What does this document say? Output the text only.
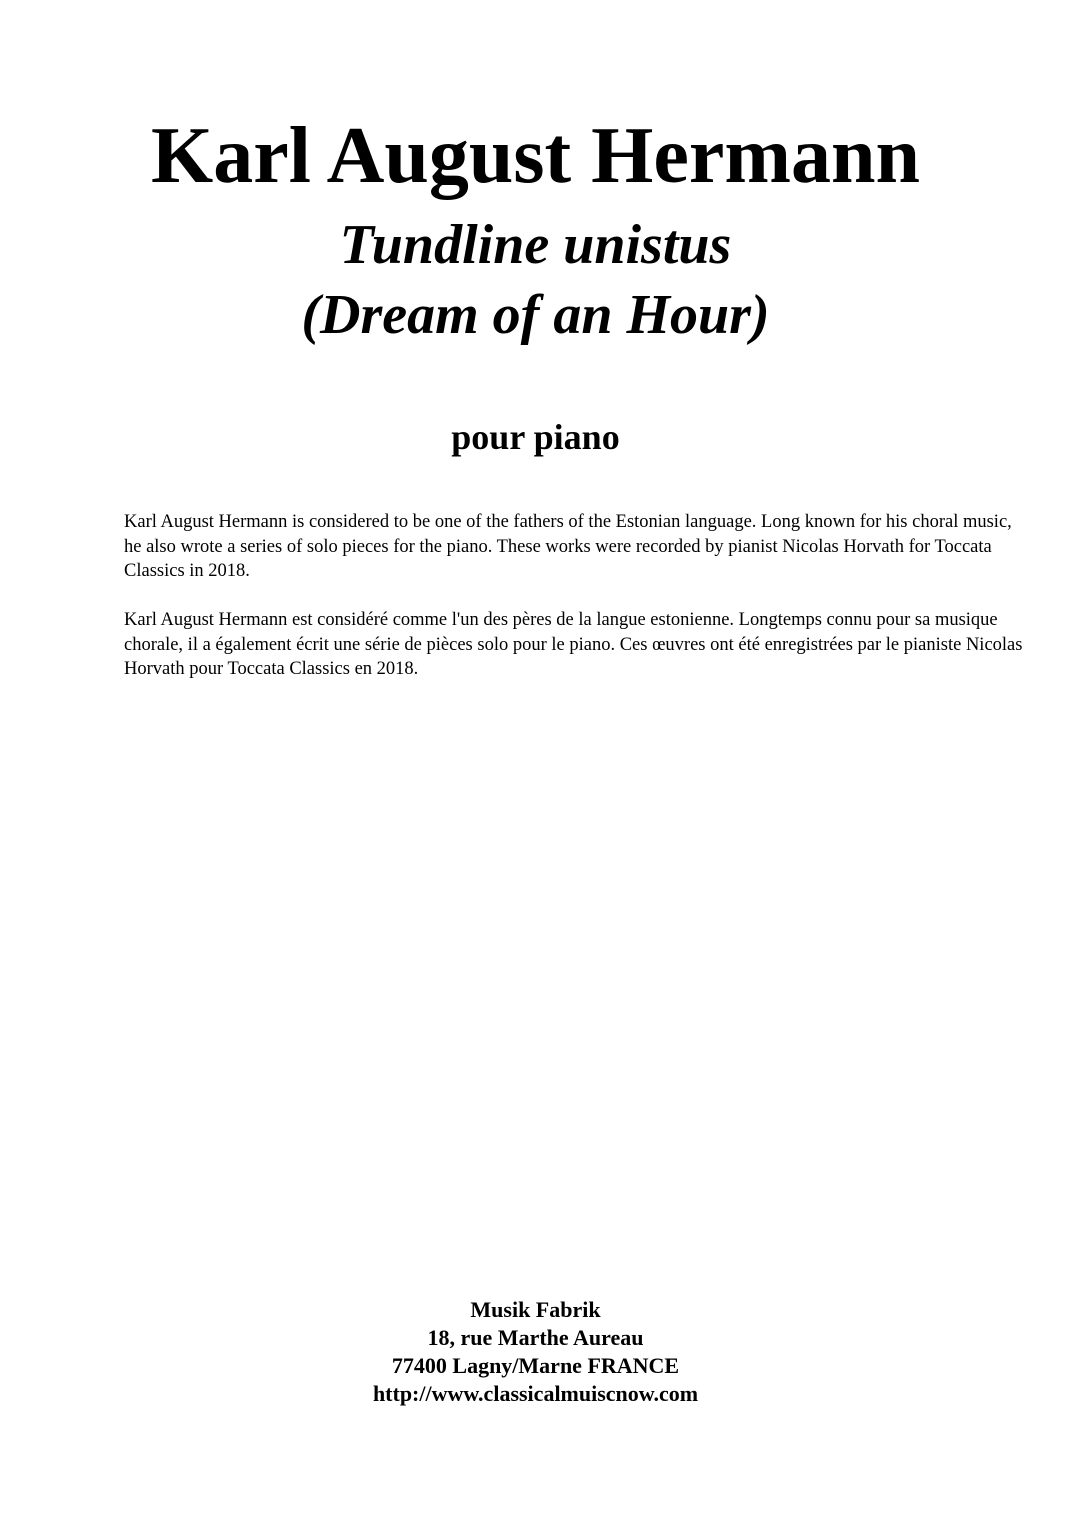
Karl August Hermann
Tundline unistus
(Dream of an Hour)
pour piano

Karl August Hermann is considered to be one of the fathers of the Estonian language. Long known for his choral music, he also wrote a series of solo pieces for the piano. These works were recorded by pianist Nicolas Horvath for Toccata Classics in 2018.

Karl August Hermann est considéré comme l'un des pères de la langue estonienne. Longtemps connu pour sa musique chorale, il a également écrit une série de pièces solo pour le piano. Ces œuvres ont été enregistrées par le pianiste Nicolas Horvath pour Toccata Classics en 2018.

Musik Fabrik
18, rue Marthe Aureau
77400 Lagny/Marne FRANCE
http://www.classicalmuiscnow.com
